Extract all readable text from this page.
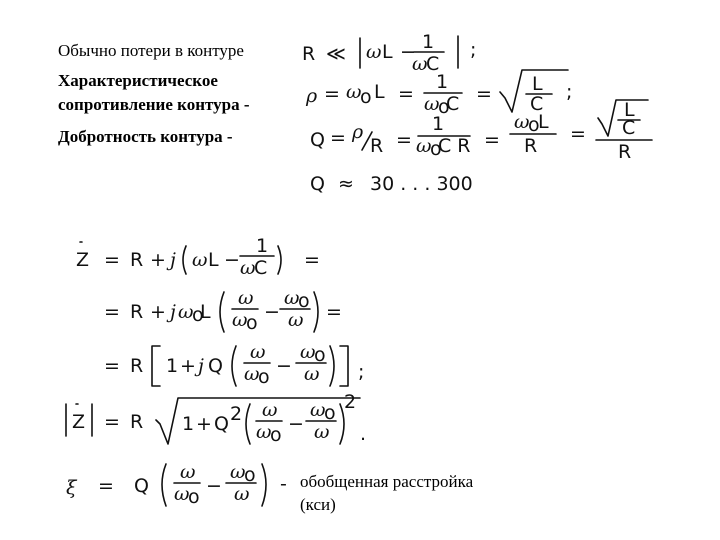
Обычно потери в контуре
Характеристическое
сопротивление контура -
Добротность контура -
обобщенная расстройка
(кси)
R ≪ ω L − 1
ω
C
;
ρ = ω
o L =
1
ω
o
C = L
C
;
Q = ρ
R =
1
ω
o
C R =
ω
o
L
R
=
L
C
R
Q ≈ 30 . . . 300
Z = R + j ω L −
1
ω
C =
= R + j ω
o
L
ω
ω
o −
ω
o
ω =
= R 1 + j Q
ω
ω
o −
ω
o
ω ;
Z = R 1 + Q 2 ω
ω
o −
ω
o
ω
2
.
ξ = Q
ω
ω
o −
ω
o
ω -
